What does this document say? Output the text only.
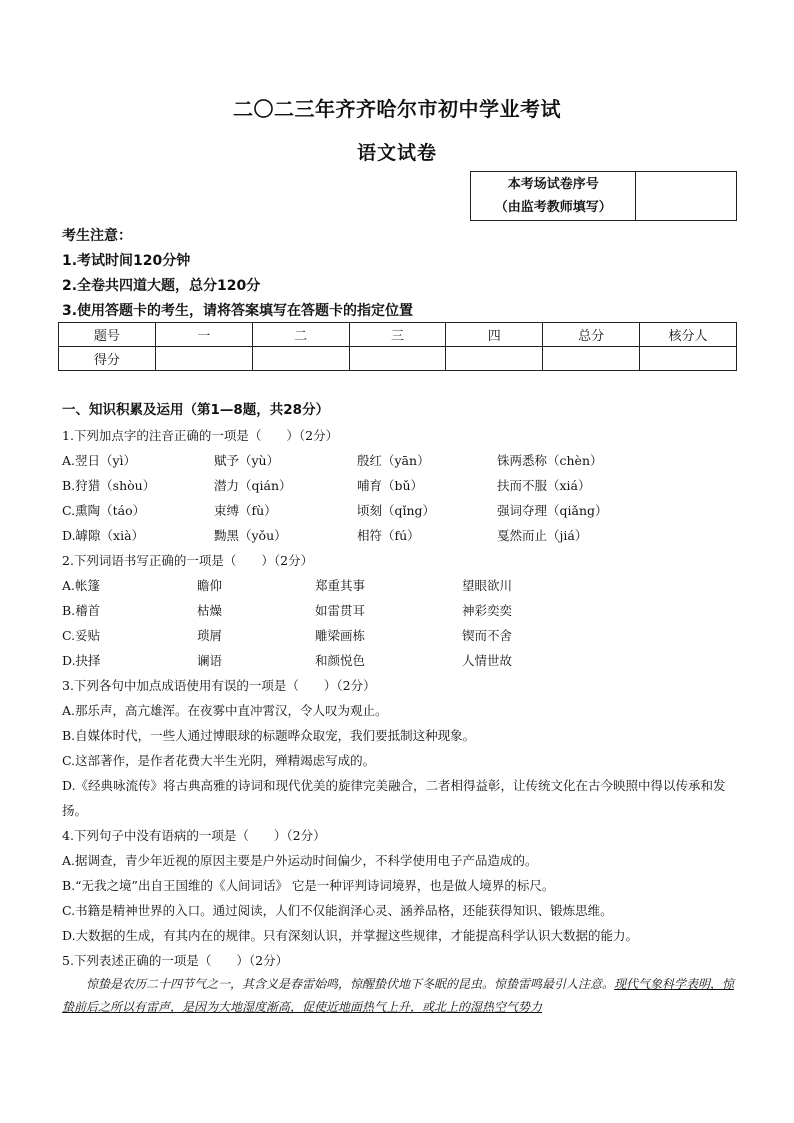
二〇二三年齐齐哈尔市初中学业考试
语文试卷
本考场试卷序号
（由监考教师填写）

考生注意：
1.考试时间120分钟
2.全卷共四道大题，总分120分
3.使用答题卡的考生，请将答案填写在答题卡的指定位置
题号	一	二	三	四	总分	核分人
得分						
一、知识积累及运用（第1—8题，共28分）
1.下列加点字的注音正确的一项是（　　）（2分）
A.翌日（yì）	赋予（yù）	殷红（yān）	铢两悉称（chèn）
B.狩猎（shòu）	潜力（qián）	哺育（bǔ）	扶而不服（xiá）
C.熏陶（táo）	束缚（fù）	顷刻（qǐng）	强词夺理（qiǎng）
D.罅隙（xià）	黝黑（yǒu）	相符（fú）	戛然而止（jiá）
2.下列词语书写正确的一项是（　　）（2分）
A.帐篷	瞻仰	郑重其事	望眼欲川
B.稽首	枯燥	如雷贯耳	神彩奕奕
C.妥贴	琐屑	雕梁画栋	锲而不舍
D.抉择	谰语	和颜悦色	人情世故
3.下列各句中加点成语使用有误的一项是（　　）（2分）
A.那乐声，高亢雄浑。在夜雾中直冲霄汉，令人叹为观止。
B.自媒体时代，一些人通过博眼球的标题哗众取宠，我们要抵制这种现象。
C.这部著作，是作者花费大半生光阴，殚精竭虑写成的。
D.《经典咏流传》将古典高雅的诗词和现代优美的旋律完美融合，二者相得益彰，让传统文化在古今映照中得以传承和发扬。
4.下列句子中没有语病的一项是（　　）（2分）
A.据调查，青少年近视的原因主要是户外运动时间偏少，不科学使用电子产品造成的。
B.“无我之境”出自王国维的《人间词话》 它是一种评判诗词境界，也是做人境界的标尺。
C.书籍是精神世界的入口。通过阅读，人们不仅能润泽心灵、涵养品格，还能获得知识、锻炼思维。
D.大数据的生成，有其内在的规律。只有深刻认识，并掌握这些规律，才能提高科学认识大数据的能力。
5.下列表述正确的一项是（　　）（2分）
惊蛰是农历二十四节气之一，其含义是春雷始鸣，惊醒蛰伏地下冬眠的昆虫。惊蛰雷鸣最引人注意。现代气象科学表明，惊蛰前后之所以有雷声，是因为大地湿度渐高，促使近地面热气上升，或北上的湿热空气势力
